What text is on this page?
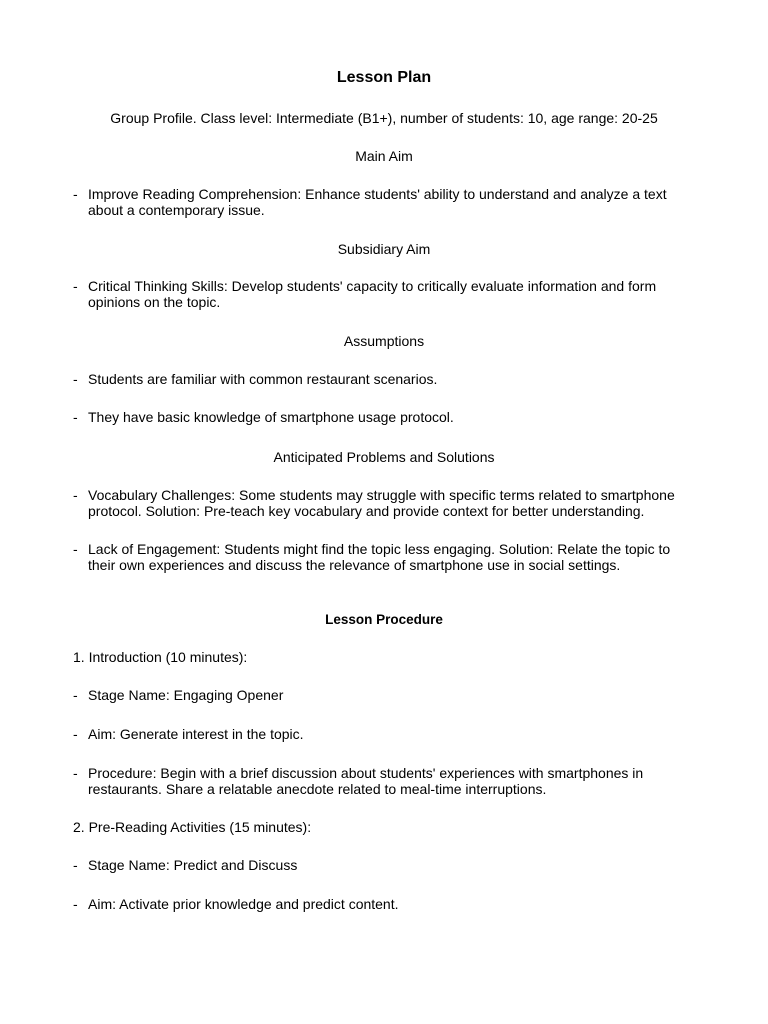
Lesson Plan
Group Profile. Class level: Intermediate (B1+), number of students: 10, age range: 20-25
Main Aim
- Improve Reading Comprehension: Enhance students' ability to understand and analyze a text about a contemporary issue.
Subsidiary Aim
- Critical Thinking Skills: Develop students' capacity to critically evaluate information and form opinions on the topic.
Assumptions
- Students are familiar with common restaurant scenarios.
- They have basic knowledge of smartphone usage protocol.
Anticipated Problems and Solutions
- Vocabulary Challenges: Some students may struggle with specific terms related to smartphone protocol. Solution: Pre-teach key vocabulary and provide context for better understanding.
- Lack of Engagement: Students might find the topic less engaging. Solution: Relate the topic to their own experiences and discuss the relevance of smartphone use in social settings.
Lesson Procedure
1. Introduction (10 minutes):
- Stage Name: Engaging Opener
- Aim: Generate interest in the topic.
- Procedure: Begin with a brief discussion about students' experiences with smartphones in restaurants. Share a relatable anecdote related to meal-time interruptions.
2. Pre-Reading Activities (15 minutes):
- Stage Name: Predict and Discuss
- Aim: Activate prior knowledge and predict content.
